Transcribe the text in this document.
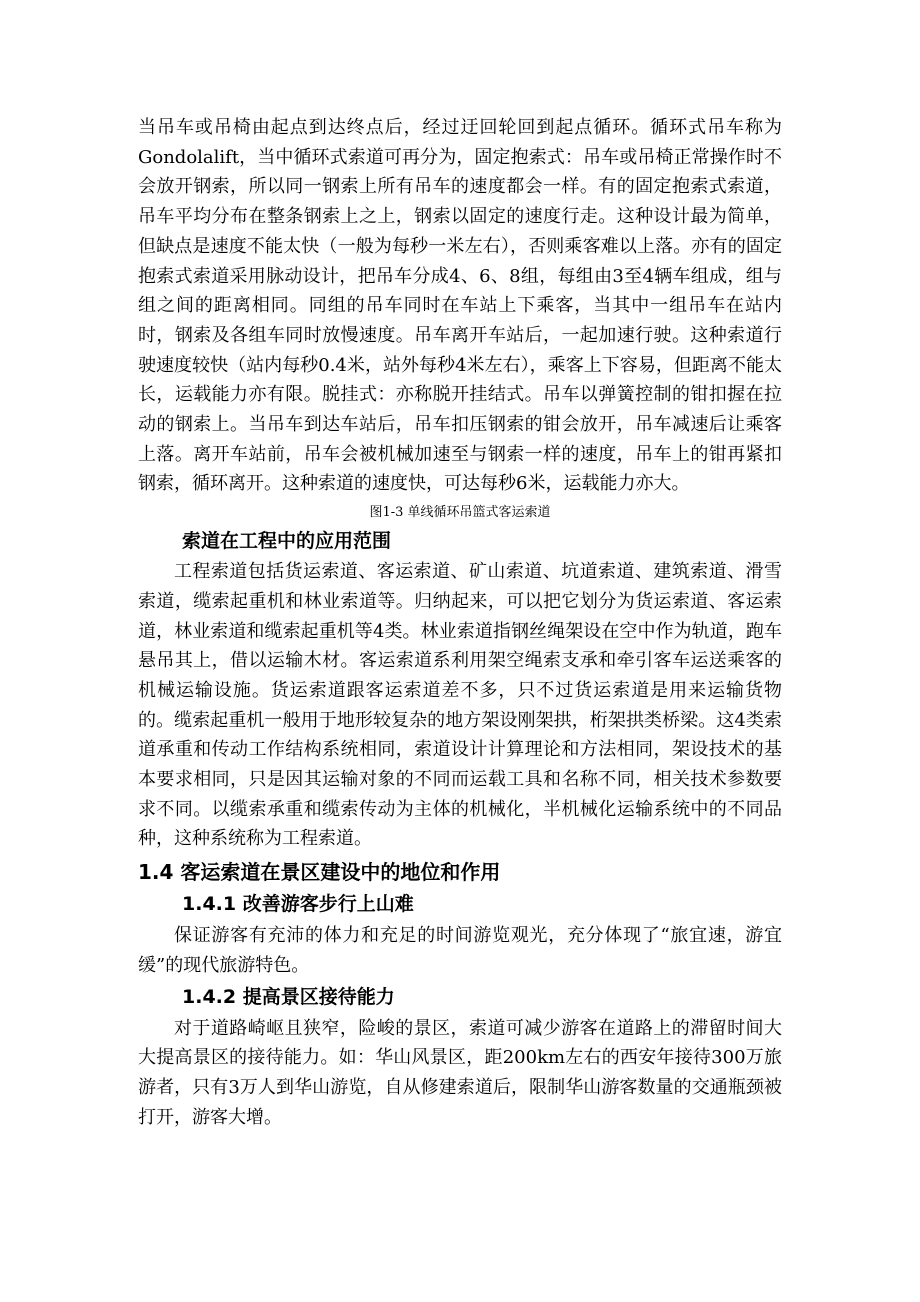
当吊车或吊椅由起点到达终点后，经过迂回轮回到起点循环。循环式吊车称为Gondolalift，当中循环式索道可再分为，固定抱索式：吊车或吊椅正常操作时不会放开钢索，所以同一钢索上所有吊车的速度都会一样。有的固定抱索式索道，吊车平均分布在整条钢索上之上，钢索以固定的速度行走。这种设计最为简单，但缺点是速度不能太快（一般为每秒一米左右），否则乘客难以上落。亦有的固定抱索式索道采用脉动设计，把吊车分成4、6、8组，每组由3至4辆车组成，组与组之间的距离相同。同组的吊车同时在车站上下乘客，当其中一组吊车在站内时，钢索及各组车同时放慢速度。吊车离开车站后，一起加速行驶。这种索道行驶速度较快（站内每秒0.4米，站外每秒4米左右），乘客上下容易，但距离不能太长，运载能力亦有限。脱挂式：亦称脱开挂结式。吊车以弹簧控制的钳扣握在拉动的钢索上。当吊车到达车站后，吊车扣压钢索的钳会放开，吊车减速后让乘客上落。离开车站前，吊车会被机械加速至与钢索一样的速度，吊车上的钳再紧扣钢索，循环离开。这种索道的速度快，可达每秒6米，运载能力亦大。

图1-3 单线循环吊篮式客运索道

索道在工程中的应用范围

工程索道包括货运索道、客运索道、矿山索道、坑道索道、建筑索道、滑雪索道，缆索起重机和林业索道等。归纳起来，可以把它划分为货运索道、客运索道，林业索道和缆索起重机等4类。林业索道指钢丝绳架设在空中作为轨道，跑车悬吊其上，借以运输木材。客运索道系利用架空绳索支承和牵引客车运送乘客的机械运输设施。货运索道跟客运索道差不多，只不过货运索道是用来运输货物的。缆索起重机一般用于地形较复杂的地方架设刚架拱，桁架拱类桥梁。这4类索道承重和传动工作结构系统相同，索道设计计算理论和方法相同，架设技术的基本要求相同，只是因其运输对象的不同而运载工具和名称不同，相关技术参数要求不同。以缆索承重和缆索传动为主体的机械化，半机械化运输系统中的不同品种，这种系统称为工程索道。

1.4 客运索道在景区建设中的地位和作用
1.4.1 改善游客步行上山难

保证游客有充沛的体力和充足的时间游览观光，充分体现了“旅宜速，游宜缓”的现代旅游特色。

1.4.2 提高景区接待能力

对于道路崎岖且狭窄，险峻的景区，索道可减少游客在道路上的滞留时间大大提高景区的接待能力。如：华山风景区，距200km左右的西安年接待300万旅游者，只有3万人到华山游览，自从修建索道后，限制华山游客数量的交通瓶颈被打开，游客大增。
